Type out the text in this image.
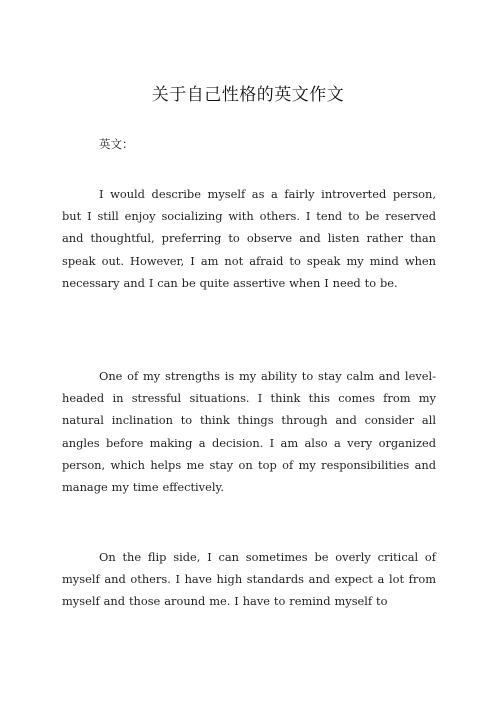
关于自己性格的英文作文

英文：

I would describe myself as a fairly introverted person, but I still enjoy socializing with others. I tend to be reserved and thoughtful, preferring to observe and listen rather than speak out. However, I am not afraid to speak my mind when necessary and I can be quite assertive when I need to be.

One of my strengths is my ability to stay calm and level-headed in stressful situations. I think this comes from my natural inclination to think things through and consider all angles before making a decision. I am also a very organized person, which helps me stay on top of my responsibilities and manage my time effectively.

On the flip side, I can sometimes be overly critical of myself and others. I have high standards and expect a lot from myself and those around me. I have to remind myself to
